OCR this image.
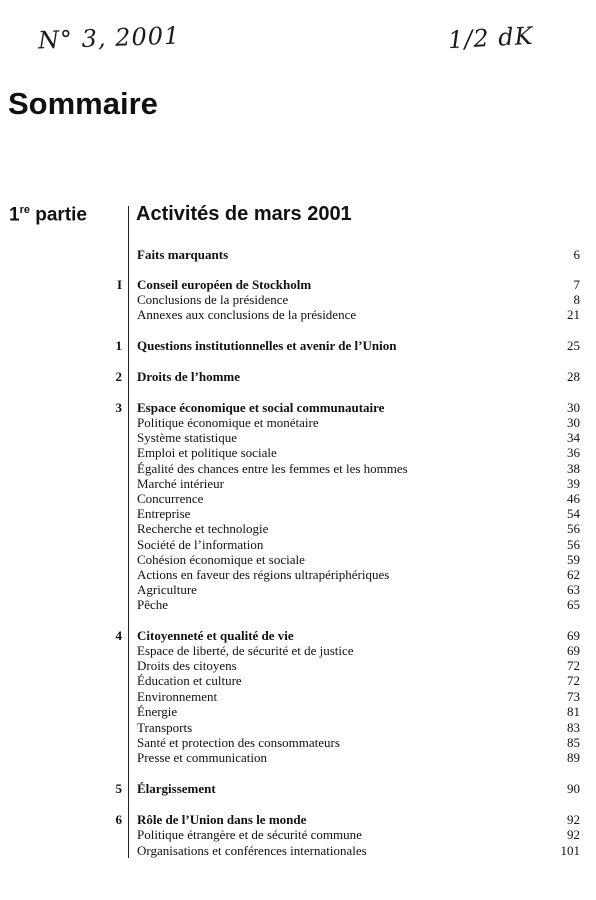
N° 3, 2001	1/2 dK
Sommaire
1re partie Activités de mars 2001
Faits marquants	6
I Conseil européen de Stockholm	7
Conclusions de la présidence	8
Annexes aux conclusions de la présidence	21
1 Questions institutionnelles et avenir de l’Union	25
2 Droits de l’homme	28
3 Espace économique et social communautaire	30
Politique économique et monétaire	30
Système statistique	34
Emploi et politique sociale	36
Égalité des chances entre les femmes et les hommes	38
Marché intérieur	39
Concurrence	46
Entreprise	54
Recherche et technologie	56
Société de l’information	56
Cohésion économique et sociale	59
Actions en faveur des régions ultrapériphériques	62
Agriculture	63
Pêche	65
4 Citoyenneté et qualité de vie	69
Espace de liberté, de sécurité et de justice	69
Droits des citoyens	72
Éducation et culture	72
Environnement	73
Énergie	81
Transports	83
Santé et protection des consommateurs	85
Presse et communication	89
5 Élargissement	90
6 Rôle de l’Union dans le monde	92
Politique étrangère et de sécurité commune	92
Organisations et conférences internationales	101
